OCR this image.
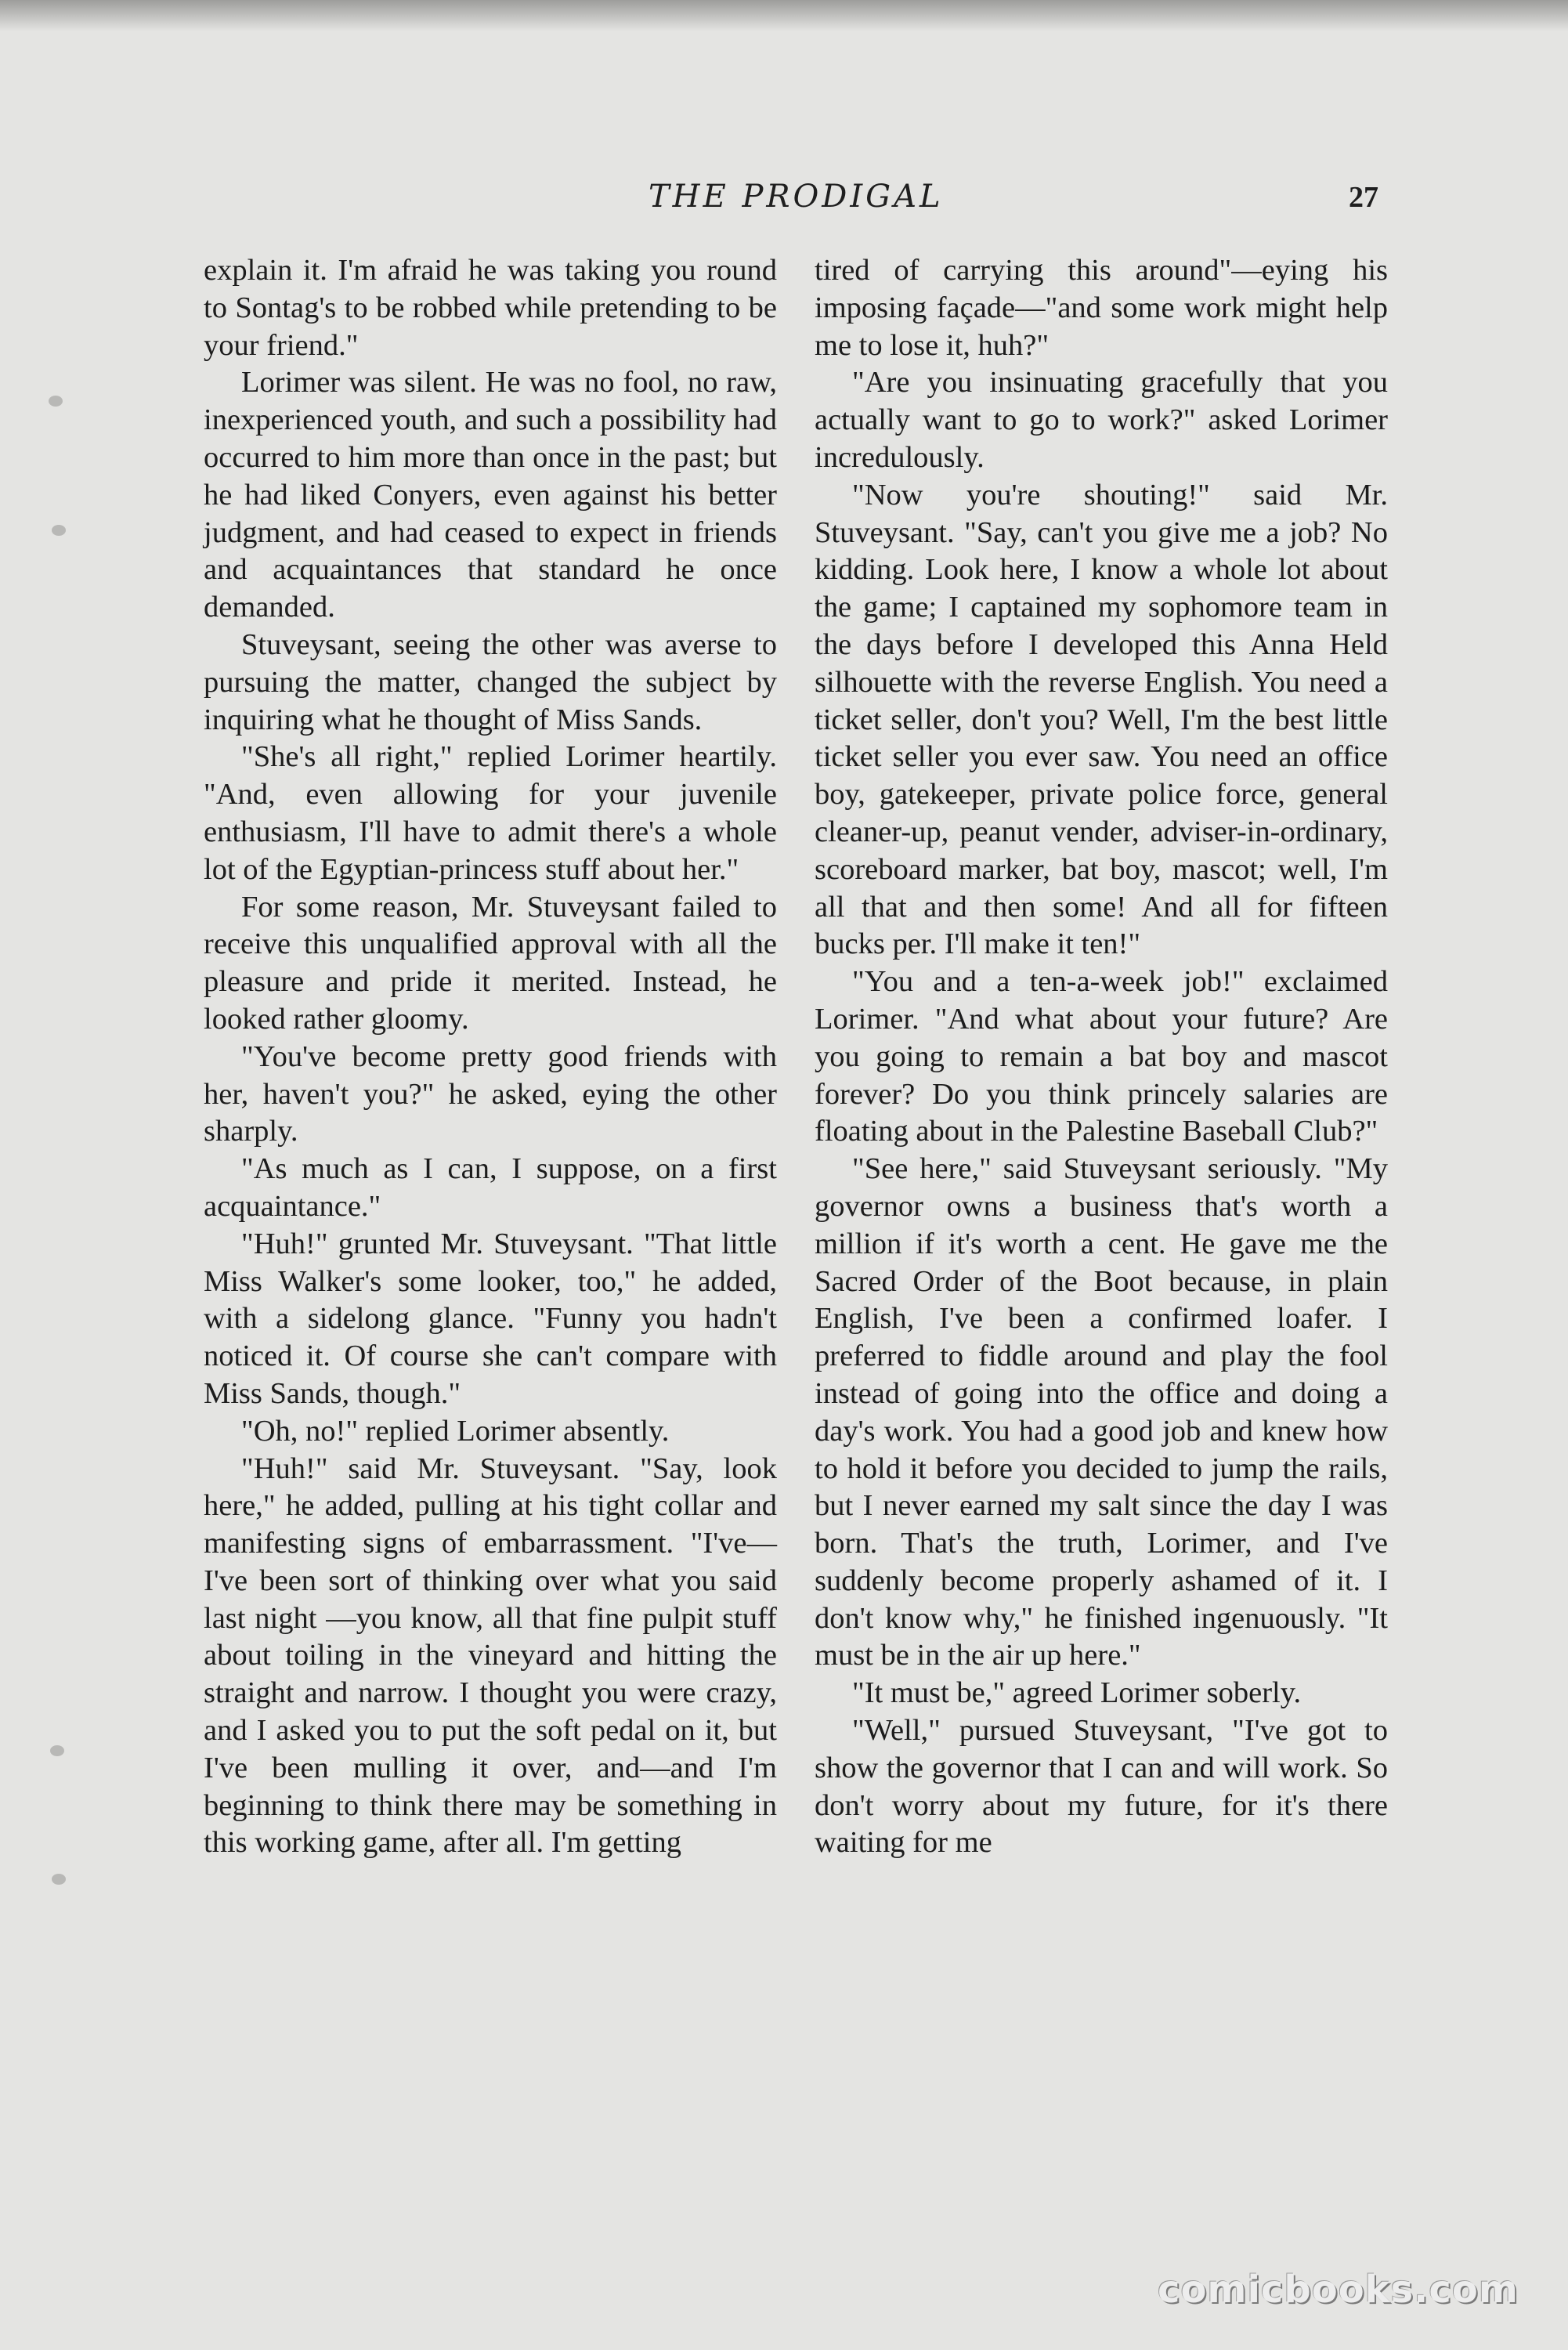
THE PRODIGAL	27

explain it. I'm afraid he was taking you round to Sontag's to be robbed while pretending to be your friend."

Lorimer was silent. He was no fool, no raw, inexperienced youth, and such a possibility had occurred to him more than once in the past; but he had liked Conyers, even against his better judgment, and had ceased to expect in friends and acquaintances that standard he once demanded.

Stuveysant, seeing the other was averse to pursuing the matter, changed the subject by inquiring what he thought of Miss Sands.

"She's all right," replied Lorimer heartily. "And, even allowing for your juvenile enthusiasm, I'll have to admit there's a whole lot of the Egyptian-princess stuff about her."

For some reason, Mr. Stuveysant failed to receive this unqualified approval with all the pleasure and pride it merited. Instead, he looked rather gloomy.

"You've become pretty good friends with her, haven't you?" he asked, eying the other sharply.

"As much as I can, I suppose, on a first acquaintance."

"Huh!" grunted Mr. Stuveysant. "That little Miss Walker's some looker, too," he added, with a sidelong glance. "Funny you hadn't noticed it. Of course she can't compare with Miss Sands, though."

"Oh, no!" replied Lorimer absently.

"Huh!" said Mr. Stuveysant. "Say, look here," he added, pulling at his tight collar and manifesting signs of embarrassment. "I've—I've been sort of thinking over what you said last night —you know, all that fine pulpit stuff about toiling in the vineyard and hitting the straight and narrow. I thought you were crazy, and I asked you to put the soft pedal on it, but I've been mulling it over, and—and I'm beginning to think there may be something in this working game, after all. I'm getting

tired of carrying this around"—eying his imposing façade—"and some work might help me to lose it, huh?"

"Are you insinuating gracefully that you actually want to go to work?" asked Lorimer incredulously.

"Now you're shouting!" said Mr. Stuveysant. "Say, can't you give me a job? No kidding. Look here, I know a whole lot about the game; I captained my sophomore team in the days before I developed this Anna Held silhouette with the reverse English. You need a ticket seller, don't you? Well, I'm the best little ticket seller you ever saw. You need an office boy, gatekeeper, private police force, general cleaner-up, peanut vender, adviser-in-ordinary, scoreboard marker, bat boy, mascot; well, I'm all that and then some! And all for fifteen bucks per. I'll make it ten!"

"You and a ten-a-week job!" exclaimed Lorimer. "And what about your future? Are you going to remain a bat boy and mascot forever? Do you think princely salaries are floating about in the Palestine Baseball Club?"

"See here," said Stuveysant seriously. "My governor owns a business that's worth a million if it's worth a cent. He gave me the Sacred Order of the Boot because, in plain English, I've been a confirmed loafer. I preferred to fiddle around and play the fool instead of going into the office and doing a day's work. You had a good job and knew how to hold it before you decided to jump the rails, but I never earned my salt since the day I was born. That's the truth, Lorimer, and I've suddenly become properly ashamed of it. I don't know why," he finished ingenuously. "It must be in the air up here."

"It must be," agreed Lorimer soberly.

"Well," pursued Stuveysant, "I've got to show the governor that I can and will work. So don't worry about my future, for it's there waiting for me

comicbooks.com
